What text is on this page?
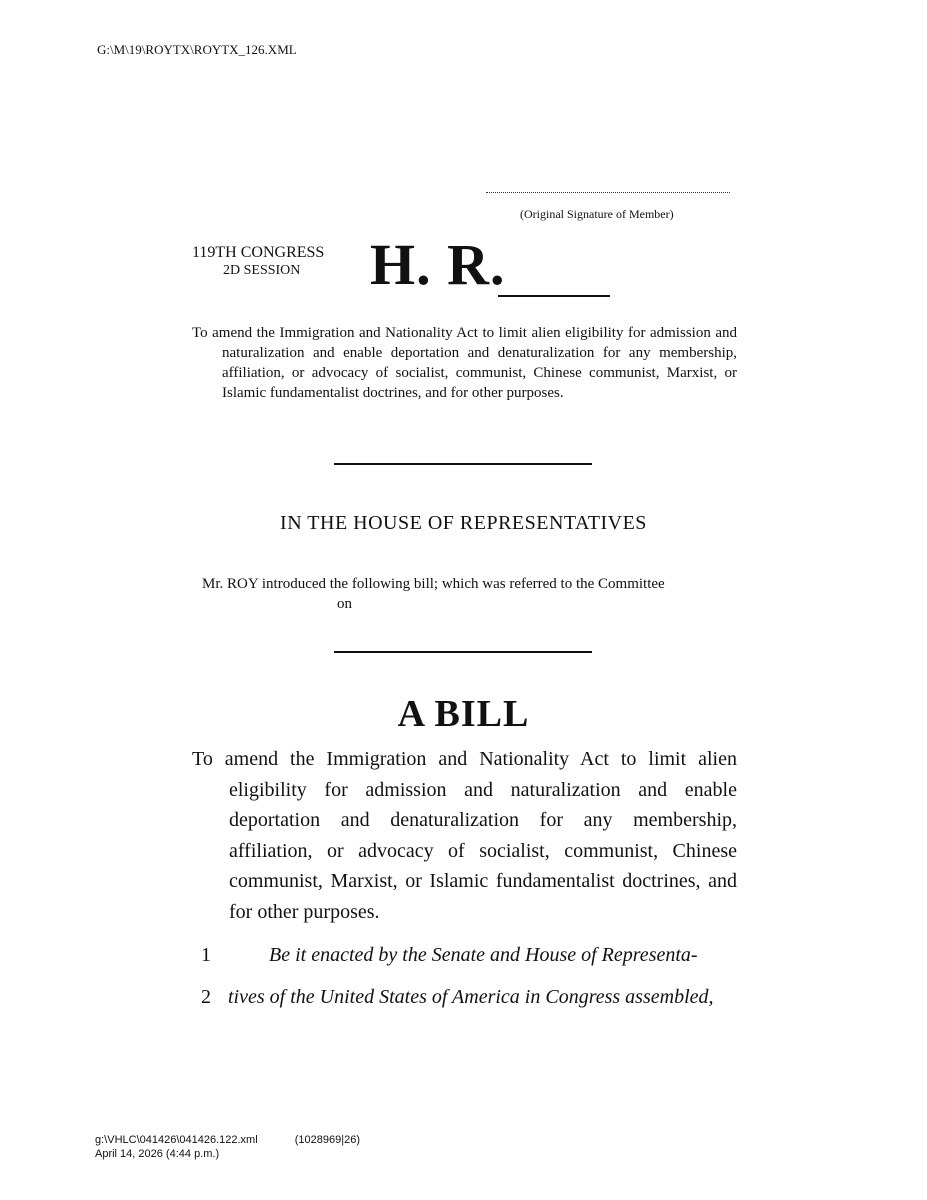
G:\M\19\ROYTX\ROYTX_126.XML
(Original Signature of Member)
119TH CONGRESS
2D SESSION H. R.
To amend the Immigration and Nationality Act to limit alien eligibility for admission and naturalization and enable deportation and denaturalization for any membership, affiliation, or advocacy of socialist, communist, Chinese communist, Marxist, or Islamic fundamentalist doctrines, and for other purposes.
IN THE HOUSE OF REPRESENTATIVES
Mr. ROY introduced the following bill; which was referred to the Committee
on
A BILL
To amend the Immigration and Nationality Act to limit alien eligibility for admission and naturalization and enable deportation and denaturalization for any membership, affiliation, or advocacy of socialist, communist, Chinese communist, Marxist, or Islamic fundamentalist doctrines, and for other purposes.
1	Be it enacted by the Senate and House of Representa-
2 tives of the United States of America in Congress assembled,
g:\VHLC\041426\041426.122.xml	(1028969|26)
April 14, 2026 (4:44 p.m.)
